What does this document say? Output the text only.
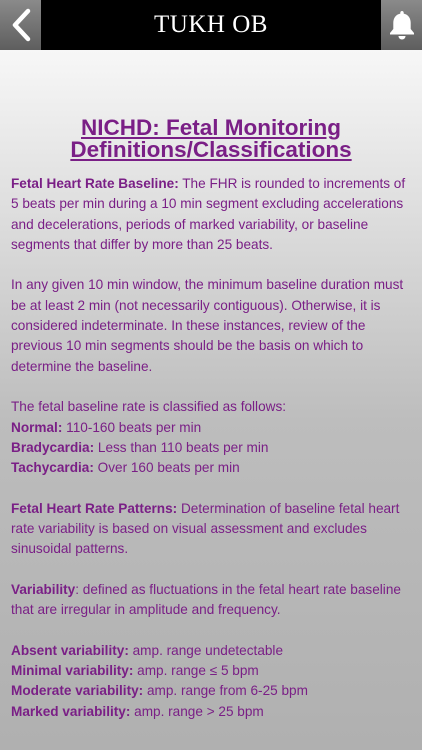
TUKH OB
NICHD: Fetal Monitoring
Definitions/Classifications

Fetal Heart Rate Baseline: The FHR is rounded to increments of 5 beats per min during a 10 min segment excluding accelerations and decelerations, periods of marked variability, or baseline segments that differ by more than 25 beats.

In any given 10 min window, the minimum baseline duration must be at least 2 min (not necessarily contiguous). Otherwise, it is considered indeterminate. In these instances, review of the previous 10 min segments should be the basis on which to determine the baseline.

The fetal baseline rate is classified as follows:
Normal: 110-160 beats per min
Bradycardia: Less than 110 beats per min
Tachycardia: Over 160 beats per min

Fetal Heart Rate Patterns: Determination of baseline fetal heart rate variability is based on visual assessment and excludes sinusoidal patterns.

Variability: defined as fluctuations in the fetal heart rate baseline that are irregular in amplitude and frequency.

Absent variability: amp. range undetectable
Minimal variability: amp. range ≤ 5 bpm
Moderate variability: amp. range from 6-25 bpm
Marked variability: amp. range > 25 bpm
